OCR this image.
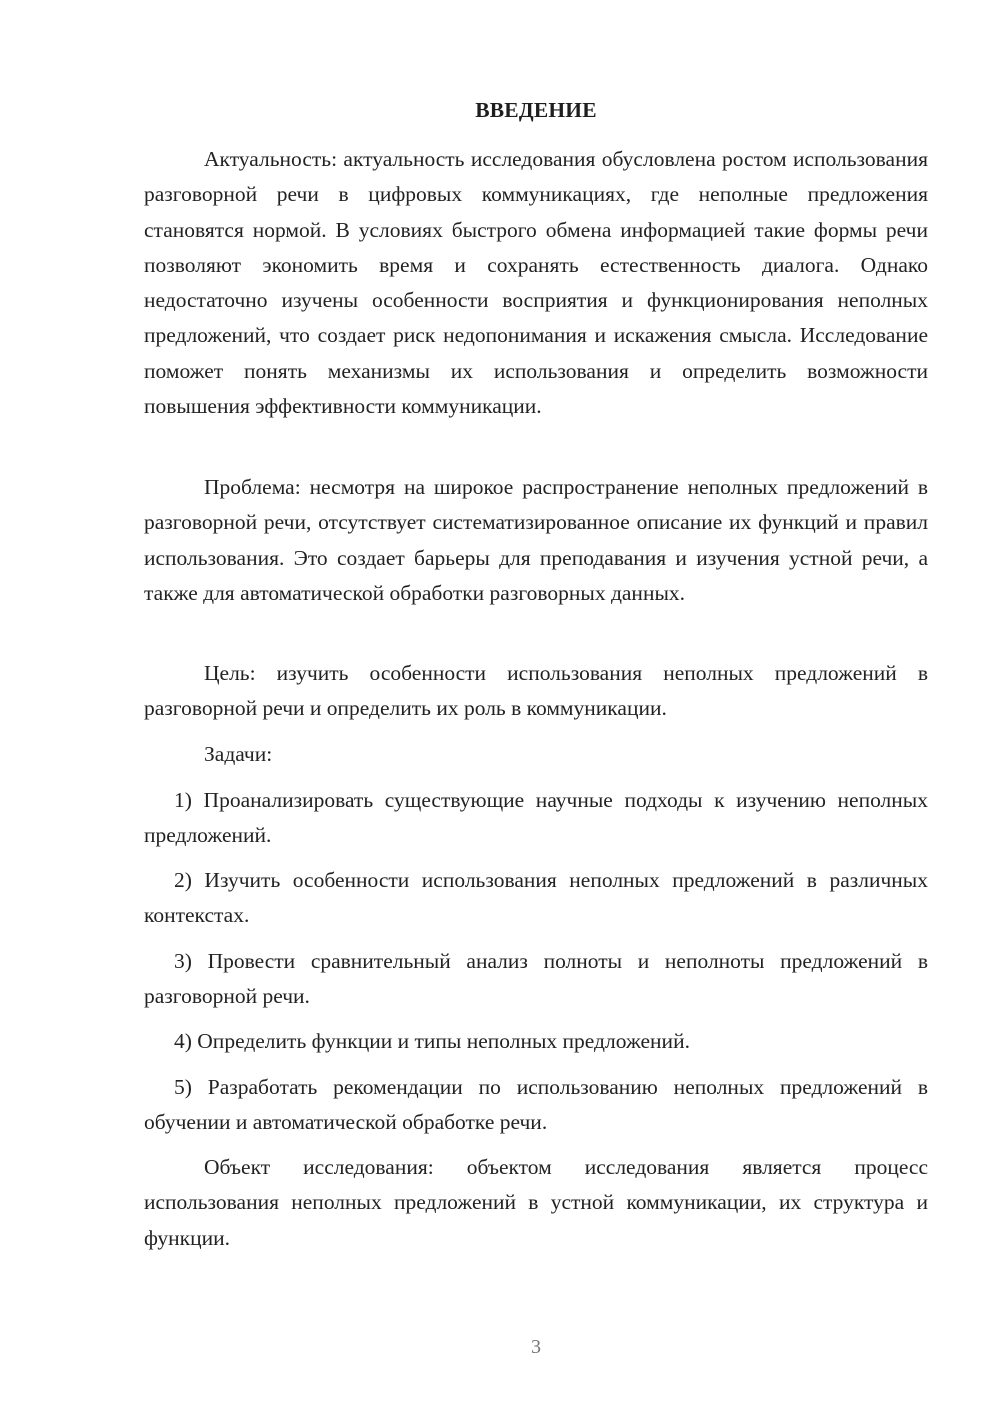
ВВЕДЕНИЕ

Актуальность: актуальность исследования обусловлена ростом использования разговорной речи в цифровых коммуникациях, где неполные предложения становятся нормой. В условиях быстрого обмена информацией такие формы речи позволяют экономить время и сохранять естественность диалога. Однако недостаточно изучены особенности восприятия и функционирования неполных предложений, что создает риск недопонимания и искажения смысла. Исследование поможет понять механизмы их использования и определить возможности повышения эффективности коммуникации.

Проблема: несмотря на широкое распространение неполных предложений в разговорной речи, отсутствует систематизированное описание их функций и правил использования. Это создает барьеры для преподавания и изучения устной речи, а также для автоматической обработки разговорных данных.

Цель: изучить особенности использования неполных предложений в разговорной речи и определить их роль в коммуникации.

Задачи:

1) Проанализировать существующие научные подходы к изучению неполных предложений.

2) Изучить особенности использования неполных предложений в различных контекстах.

3) Провести сравнительный анализ полноты и неполноты предложений в разговорной речи.

4) Определить функции и типы неполных предложений.

5) Разработать рекомендации по использованию неполных предложений в обучении и автоматической обработке речи.

Объект исследования: объектом исследования является процесс использования неполных предложений в устной коммуникации, их структура и функции.

3
